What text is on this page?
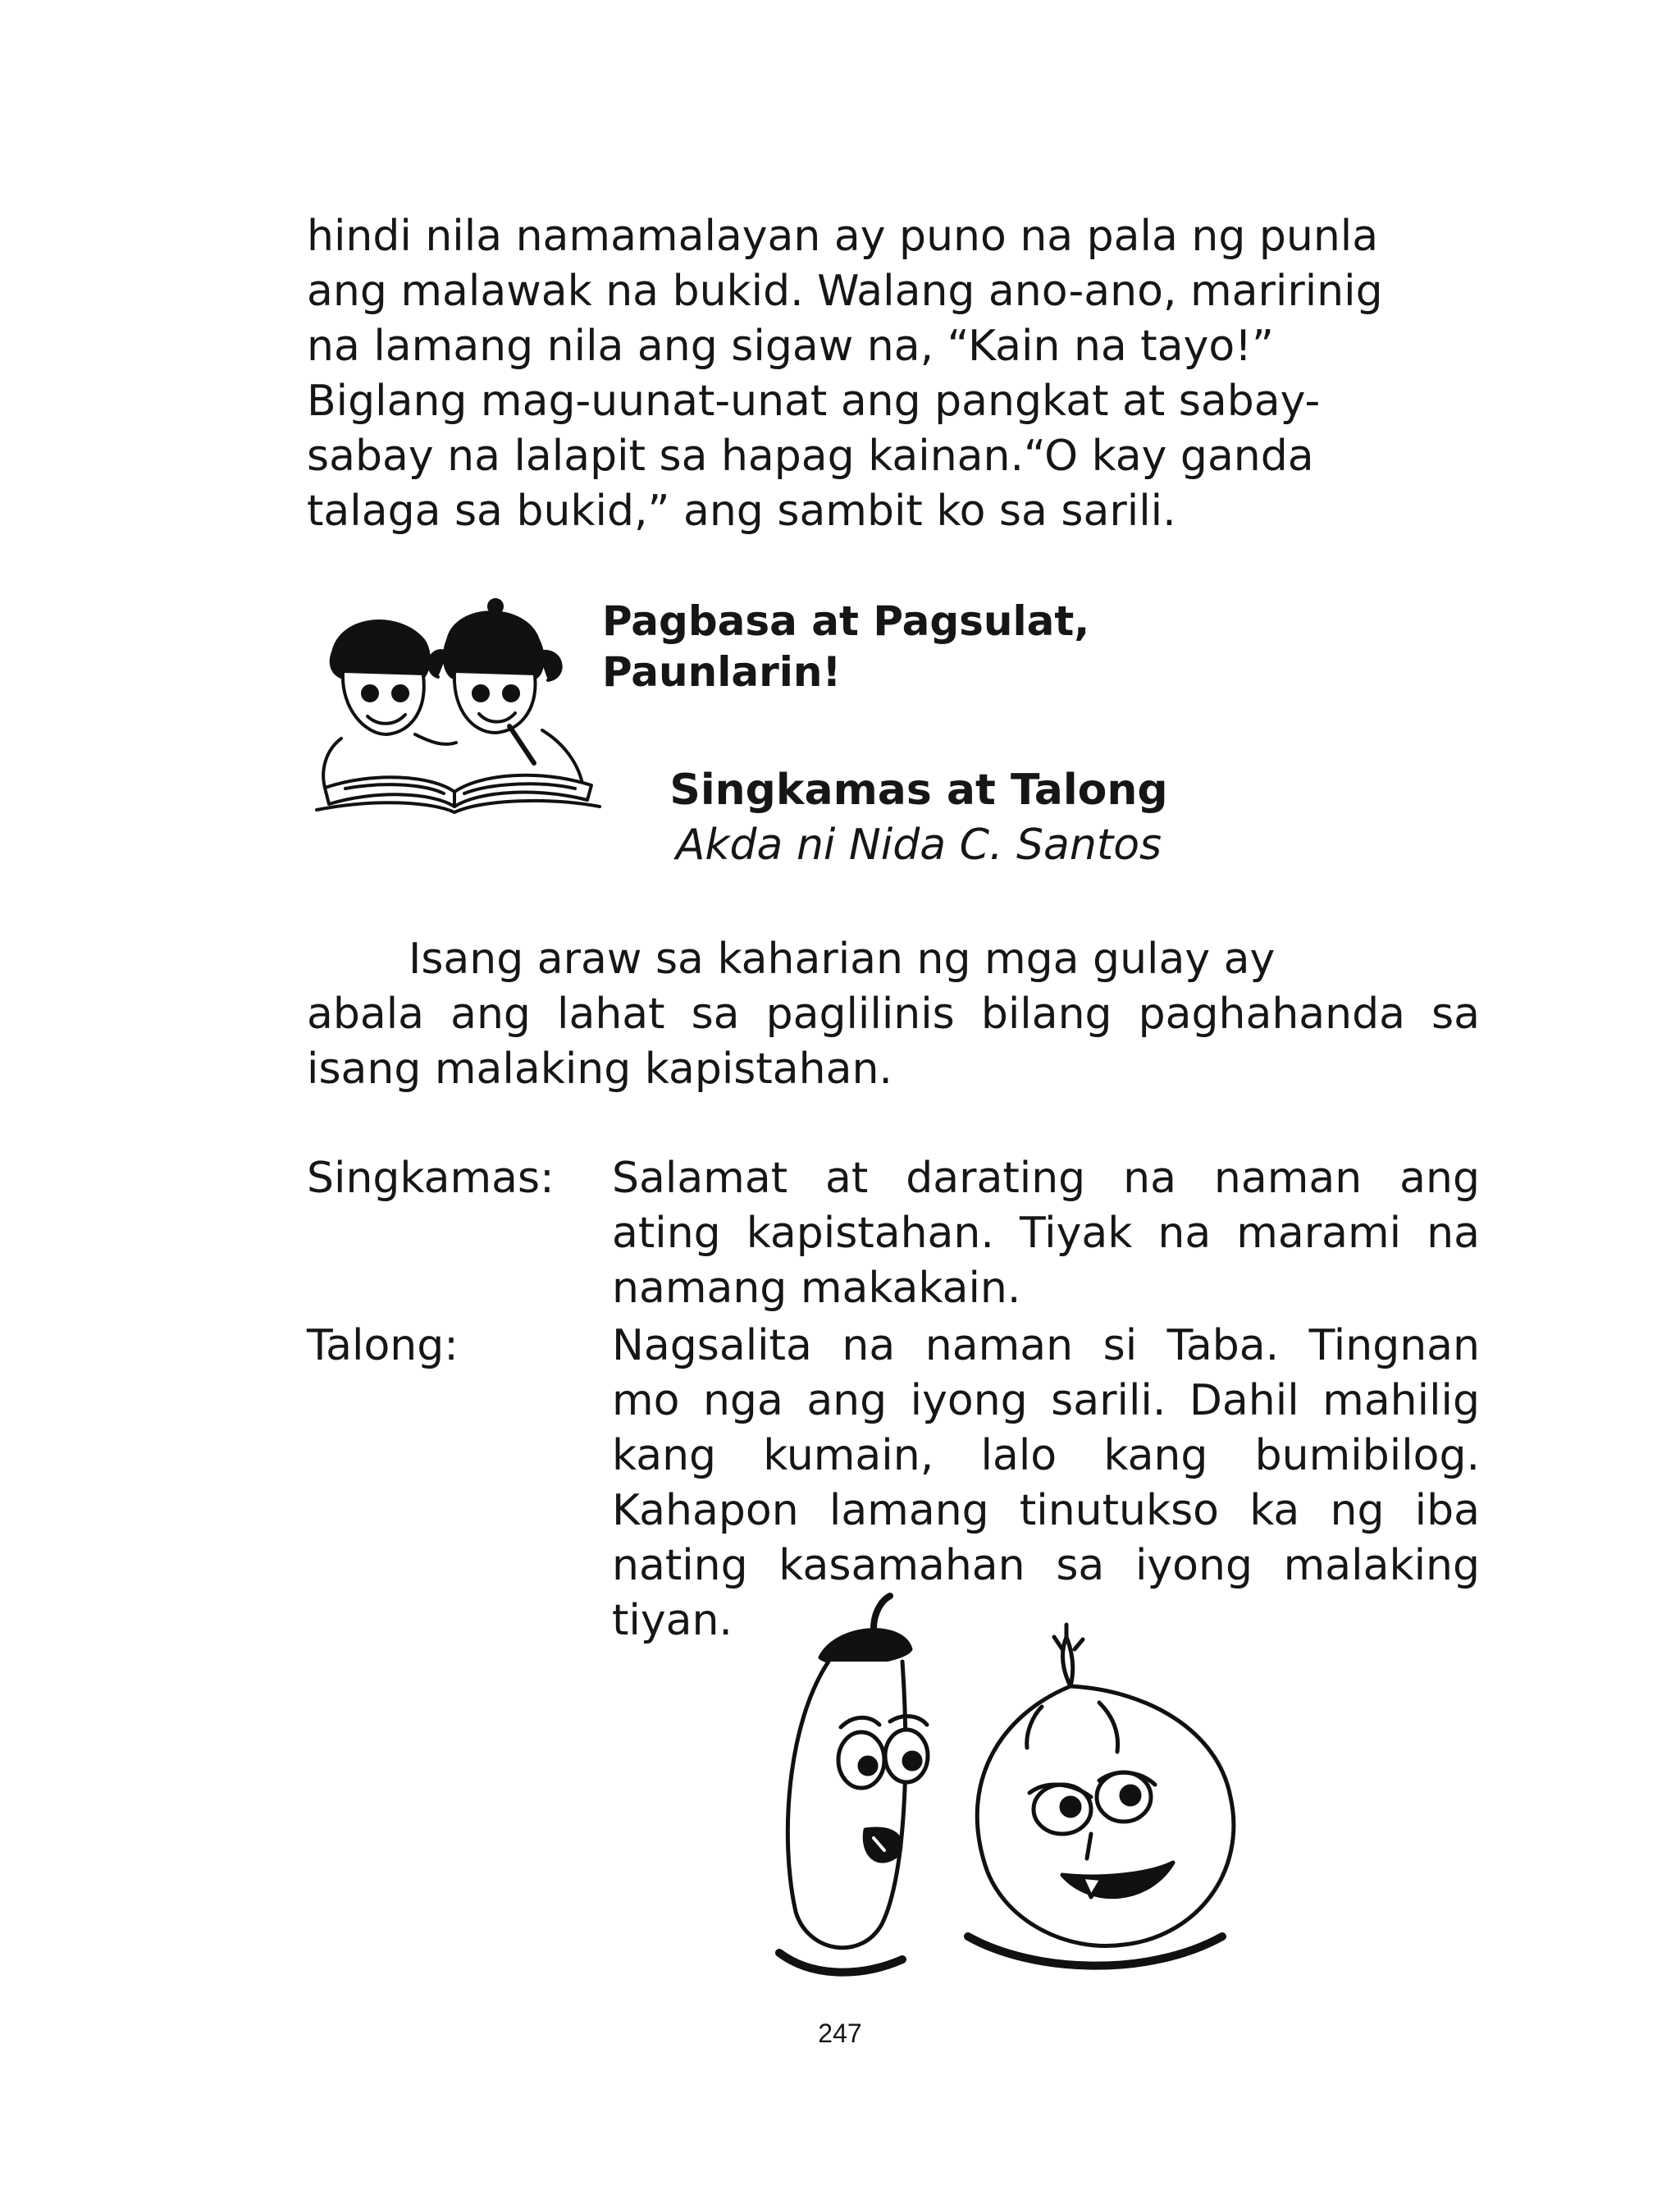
hindi nila namamalayan ay puno na pala ng punla
ang malawak na bukid. Walang ano-ano, maririnig
na lamang nila ang sigaw na, “Kain na tayo!”
Biglang mag-uunat-unat ang pangkat at sabay-
sabay na lalapit sa hapag kainan.“O kay ganda
talaga sa bukid,” ang sambit ko sa sarili.
Pagbasa at Pagsulat,
Paunlarin!
Singkamas at Talong
Akda ni Nida C. Santos
Isang araw sa kaharian ng mga gulay ay
abala ang lahat sa paglilinis bilang paghahanda sa
isang malaking kapistahan.
Singkamas: Salamat at darating na naman ang
ating kapistahan. Tiyak na marami na
namang makakain.
Talong:	Nagsalita na naman si Taba. Tingnan
mo nga ang iyong sarili. Dahil mahilig
kang kumain, lalo kang bumibilog.
Kahapon lamang tinutukso ka ng iba
nating kasamahan sa iyong malaking
tiyan.
247
